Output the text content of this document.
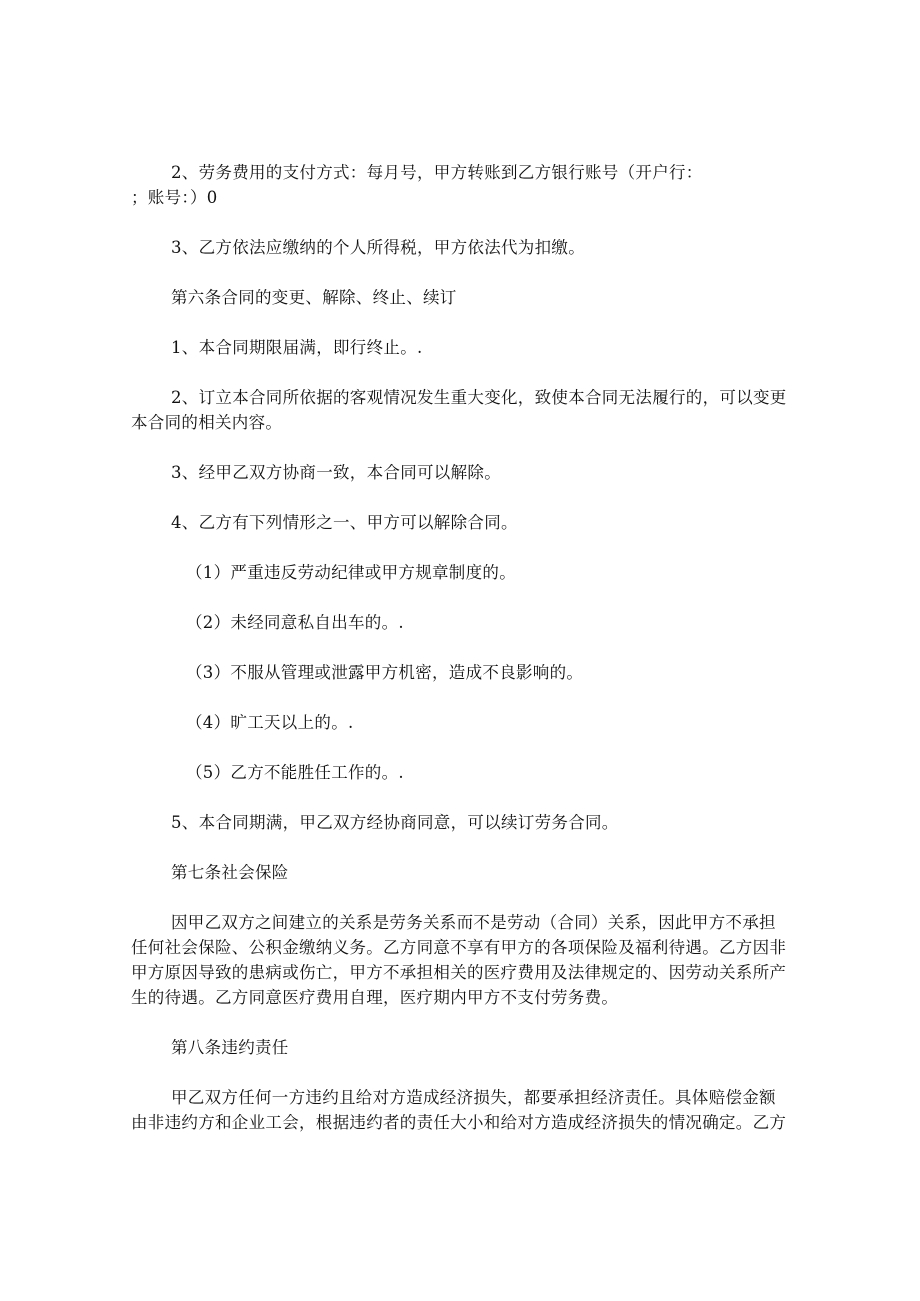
2、劳务费用的支付方式：每月号，甲方转账到乙方银行账号（开户行：
；账号：）0
3、乙方依法应缴纳的个人所得税，甲方依法代为扣缴。
第六条合同的变更、解除、终止、续订
1、本合同期限届满，即行终止。.
2、订立本合同所依据的客观情况发生重大变化，致使本合同无法履行的，可以变更
本合同的相关内容。
3、经甲乙双方协商一致，本合同可以解除。
4、乙方有下列情形之一、甲方可以解除合同。
（1）严重违反劳动纪律或甲方规章制度的。
（2）未经同意私自出车的。.
（3）不服从管理或泄露甲方机密，造成不良影响的。
（4）旷工天以上的。.
（5）乙方不能胜任工作的。.
5、本合同期满，甲乙双方经协商同意，可以续订劳务合同。
第七条社会保险
因甲乙双方之间建立的关系是劳务关系而不是劳动（合同）关系，因此甲方不承担
任何社会保险、公积金缴纳义务。乙方同意不享有甲方的各项保险及福利待遇。乙方因非
甲方原因导致的患病或伤亡，甲方不承担相关的医疗费用及法律规定的、因劳动关系所产
生的待遇。乙方同意医疗费用自理，医疗期内甲方不支付劳务费。
第八条违约责任
甲乙双方任何一方违约且给对方造成经济损失，都要承担经济责任。具体赔偿金额
由非违约方和企业工会，根据违约者的责任大小和给对方造成经济损失的情况确定。乙方
